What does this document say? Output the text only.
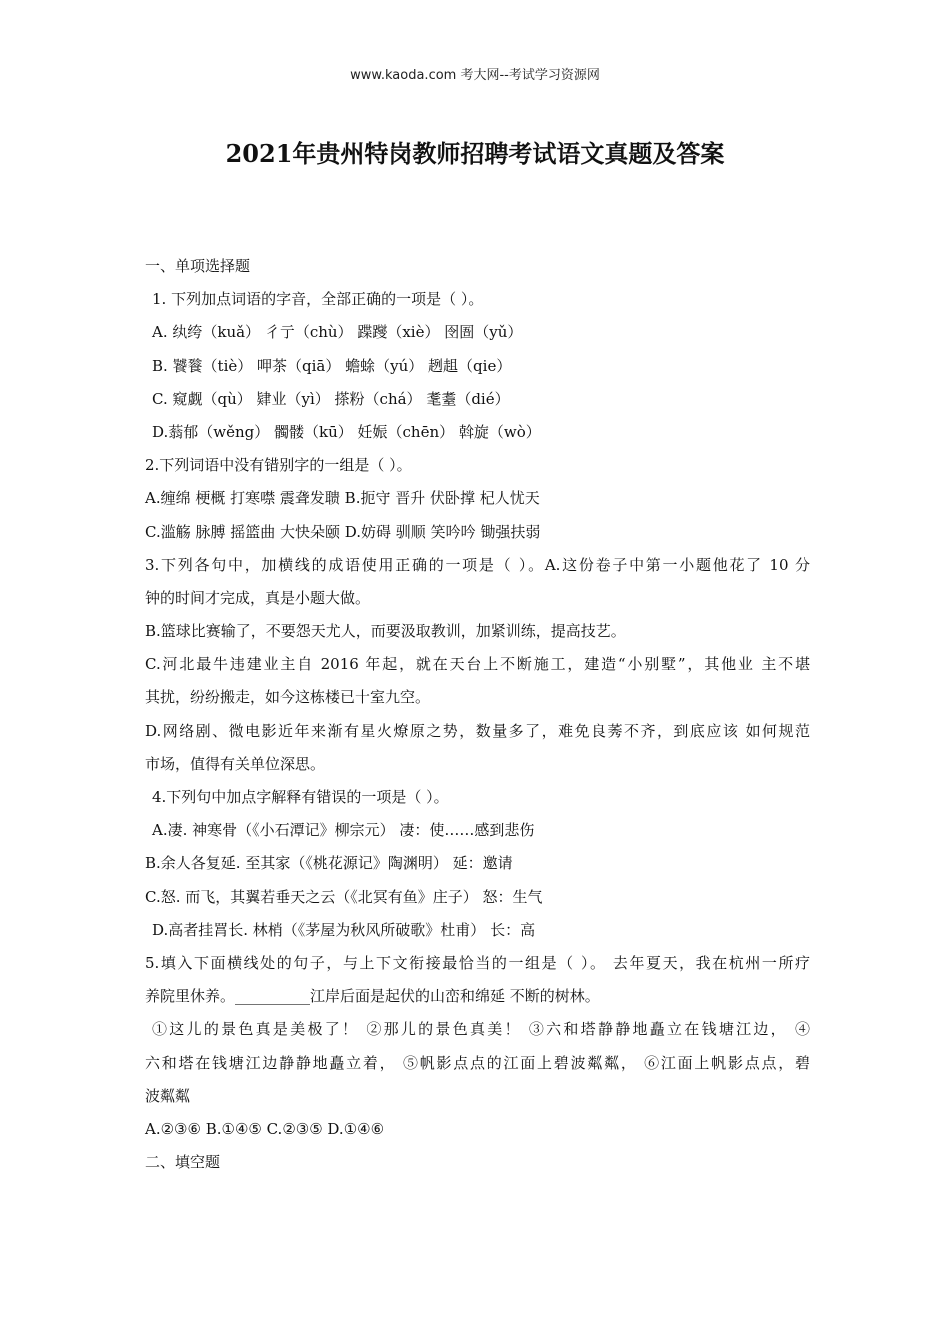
www.kaoda.com 考大网--考试学习资源网
2021年贵州特岗教师招聘考试语文真题及答案
一、单项选择题
1. 下列加点词语的字音，全部正确的一项是（ ）。
A. 纨绔（kuǎ） 彳亍（chù） 蹀躞（xiè） 囹圄（yǔ）
B. 饕餮（tiè） 呷茶（qiā） 蟾蜍（yú） 趔趄（qie）
C. 窥觑（qù） 肄业（yì） 搽粉（chá） 耄耋（dié）
D.蓊郁（wěng） 髑髅（kū） 妊娠（chēn） 斡旋（wò）
2.下列词语中没有错别字的一组是（ ）。
A.缠绵 梗概 打寒噤 震聋发聩 B.扼守 晋升 伏卧撑 杞人忧天
C.滥觞 脉膊 摇篮曲 大快朵颐 D.妨碍 驯顺 笑吟吟 锄强扶弱
3.下列各句中，加横线的成语使用正确的一项是（ ）。A.这份卷子中第一小题他花了 10 分
钟的时间才完成，真是小题大做。
B.篮球比赛输了，不要怨天尤人，而要汲取教训，加紧训练，提高技艺。
C.河北最牛违建业主自 2016 年起，就在天台上不断施工，建造“小别墅”，其他业 主不堪
其扰，纷纷搬走，如今这栋楼已十室九空。
D.网络剧、微电影近年来渐有星火燎原之势，数量多了，难免良莠不齐，到底应该 如何规范
市场，值得有关单位深思。
4.下列句中加点字解释有错误的一项是（ ）。
A.凄. 神寒骨（《小石潭记》柳宗元） 凄：使……感到悲伤
B.余人各复延. 至其家（《桃花源记》陶渊明） 延：邀请
C.怒. 而飞，其翼若垂天之云（《北冥有鱼》庄子） 怒：生气
D.高者挂罥长. 林梢（《茅屋为秋风所破歌》杜甫） 长：高
5.填入下面横线处的句子，与上下文衔接最恰当的一组是（ ）。 去年夏天，我在杭州一所疗
养院里休养。__________江岸后面是起伏的山峦和绵延 不断的树林。
①这儿的景色真是美极了！ ②那儿的景色真美！ ③六和塔静静地矗立在钱塘江边， ④
六和塔在钱塘江边静静地矗立着， ⑤帆影点点的江面上碧波粼粼， ⑥江面上帆影点点，碧
波粼粼
A.②③⑥ B.①④⑤ C.②③⑤ D.①④⑥
二、填空题
